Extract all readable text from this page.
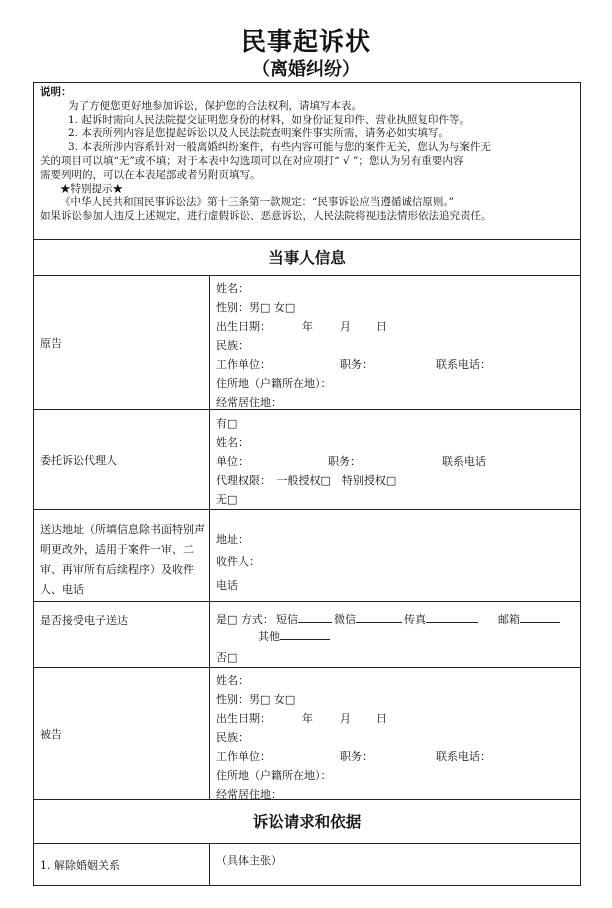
民事起诉状
（离婚纠纷）
说明：
为了方便您更好地参加诉讼，保护您的合法权利，请填写本表。
1. 起诉时需向人民法院提交证明您身份的材料，如身份证复印件、营业执照复印件等。
2. 本表所列内容是您提起诉讼以及人民法院查明案件事实所需，请务必如实填写。
3. 本表所涉内容系针对一般离婚纠纷案件，有些内容可能与您的案件无关，您认为与案件无
关的项目可以填“无”或不填；对于本表中勾选项可以在对应项打“ √ ”；您认为另有重要内容
需要列明的，可以在本表尾部或者另附页填写。
★特别提示★
《中华人民共和国民事诉讼法》第十三条第一款规定：“民事诉讼应当遵循诚信原则。”
如果诉讼参加人违反上述规定，进行虚假诉讼、恶意诉讼，人民法院将视违法情形依法追究责任。
当事人信息
原告
姓名：
性别：男□ 女□
出生日期：	年 月 日
民族：
工作单位：	职务：	联系电话：
住所地（户籍所在地）：
经常居住地：
委托诉讼代理人
有□
姓名：
单位：	职务：	联系电话
代理权限：　一般授权□　特别授权□
无□
送达地址（所填信息除书面特别声明更改外，适用于案件一审、二审、再审所有后续程序）及收件人、电话
地址：
收件人：
电话
是否接受电子送达	是□ 方式： 短信	微信	传真	邮箱
其他
否□
被告
姓名：
性别：男□ 女□
出生日期：	年 月 日
民族：
工作单位：	职务：	联系电话：
住所地（户籍所在地）：
经常居住地：
诉讼请求和依据
1. 解除婚姻关系	（具体主张）
